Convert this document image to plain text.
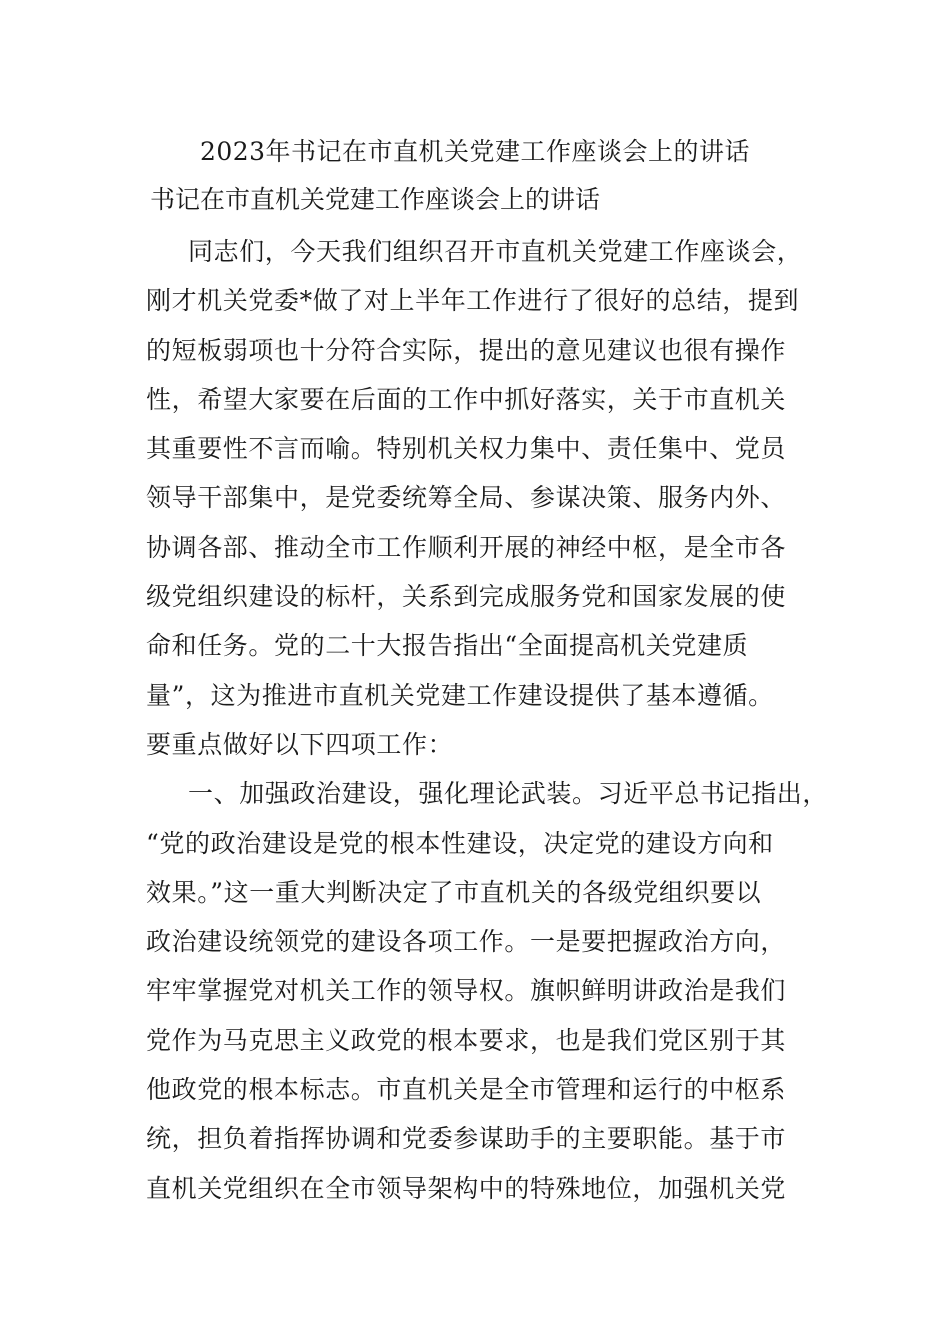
2023年书记在市直机关党建工作座谈会上的讲话
书记在市直机关党建工作座谈会上的讲话
同志们，今天我们组织召开市直机关党建工作座谈会，
刚才机关党委*做了对上半年工作进行了很好的总结，提到
的短板弱项也十分符合实际，提出的意见建议也很有操作
性，希望大家要在后面的工作中抓好落实，关于市直机关
其重要性不言而喻。特别机关权力集中、责任集中、党员
领导干部集中，是党委统筹全局、参谋决策、服务内外、
协调各部、推动全市工作顺利开展的神经中枢，是全市各
级党组织建设的标杆，关系到完成服务党和国家发展的使
命和任务。党的二十大报告指出“全面提高机关党建质
量”，这为推进市直机关党建工作建设提供了基本遵循。
要重点做好以下四项工作：
一、加强政治建设，强化理论武装。习近平总书记指出，
“党的政治建设是党的根本性建设，决定党的建设方向和
效果。”这一重大判断决定了市直机关的各级党组织要以
政治建设统领党的建设各项工作。一是要把握政治方向，
牢牢掌握党对机关工作的领导权。旗帜鲜明讲政治是我们
党作为马克思主义政党的根本要求，也是我们党区别于其
他政党的根本标志。市直机关是全市管理和运行的中枢系
统，担负着指挥协调和党委参谋助手的主要职能。基于市
直机关党组织在全市领导架构中的特殊地位，加强机关党
